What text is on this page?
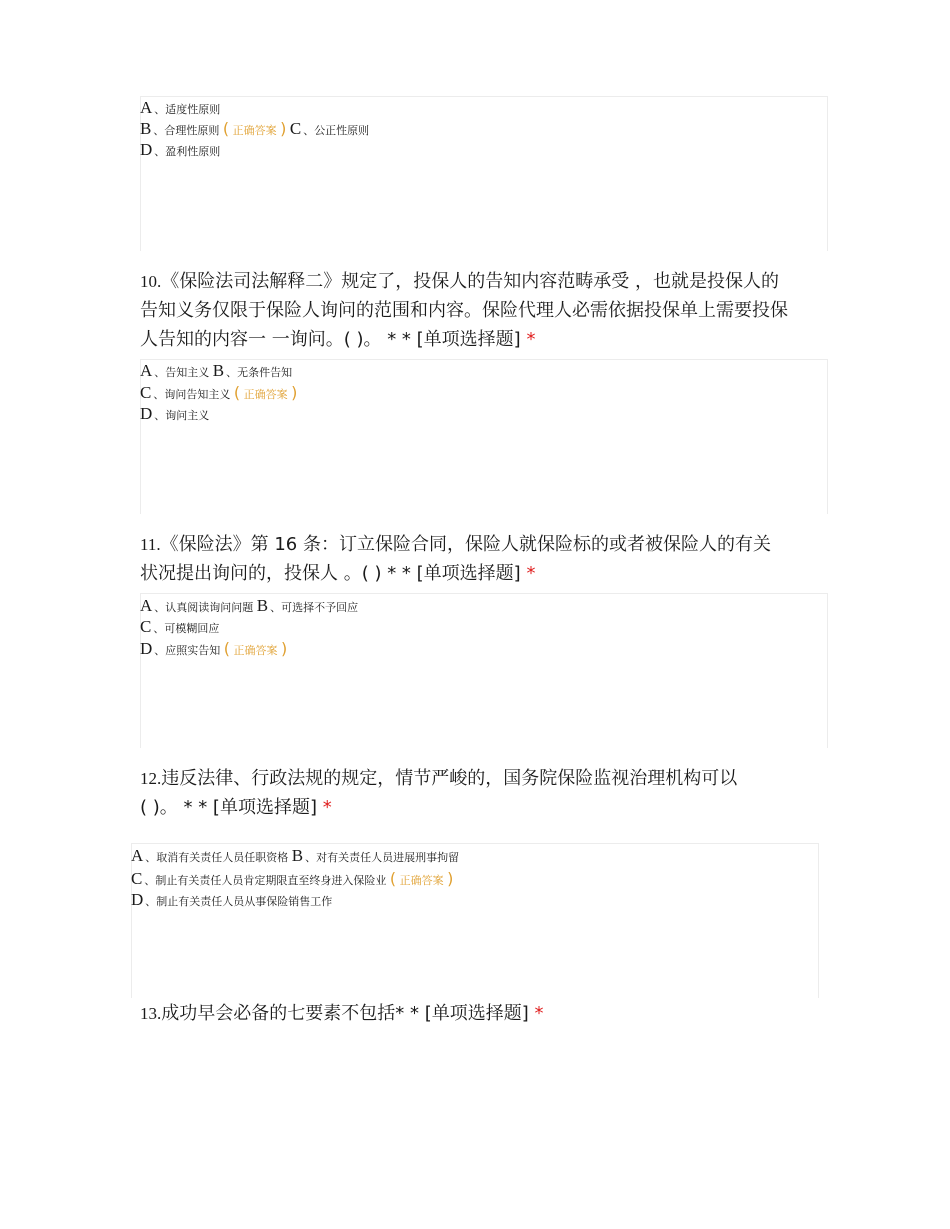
A 、适度性原则
B 、合理性原则 ( 正确答案 ) C 、公正性原则
D 、盈利性原则
10.《保险法司法解释二》规定了，投保人的告知内容范畴承受 ，也就是投保人的
告知义务仅限于保险人询问的范围和内容。保险代理人必需依据投保单上需要投保
人告知的内容一 一询问。( )。 * * [单项选择题] *
A 、告知主义 B 、无条件告知
C 、询问告知主义 ( 正确答案 )
D 、询问主义
11.《保险法》第 16 条：订立保险合同，保险人就保险标的或者被保险人的有关
状况提出询问的，投保人 。( ) * * [单项选择题] *
A 、认真阅读询问问题 B 、可选择不予回应
C 、可模糊回应
D 、应照实告知 ( 正确答案 )
12.违反法律、行政法规的规定，情节严峻的，国务院保险监视治理机构可以
( )。 * * [单项选择题] *
A 、取消有关责任人员任职资格 B 、对有关责任人员进展刑事拘留
C 、制止有关责任人员肯定期限直至终身进入保险业 ( 正确答案 )
D 、制止有关责任人员从事保险销售工作
13.成功早会必备的七要素不包括* * [单项选择题] *
